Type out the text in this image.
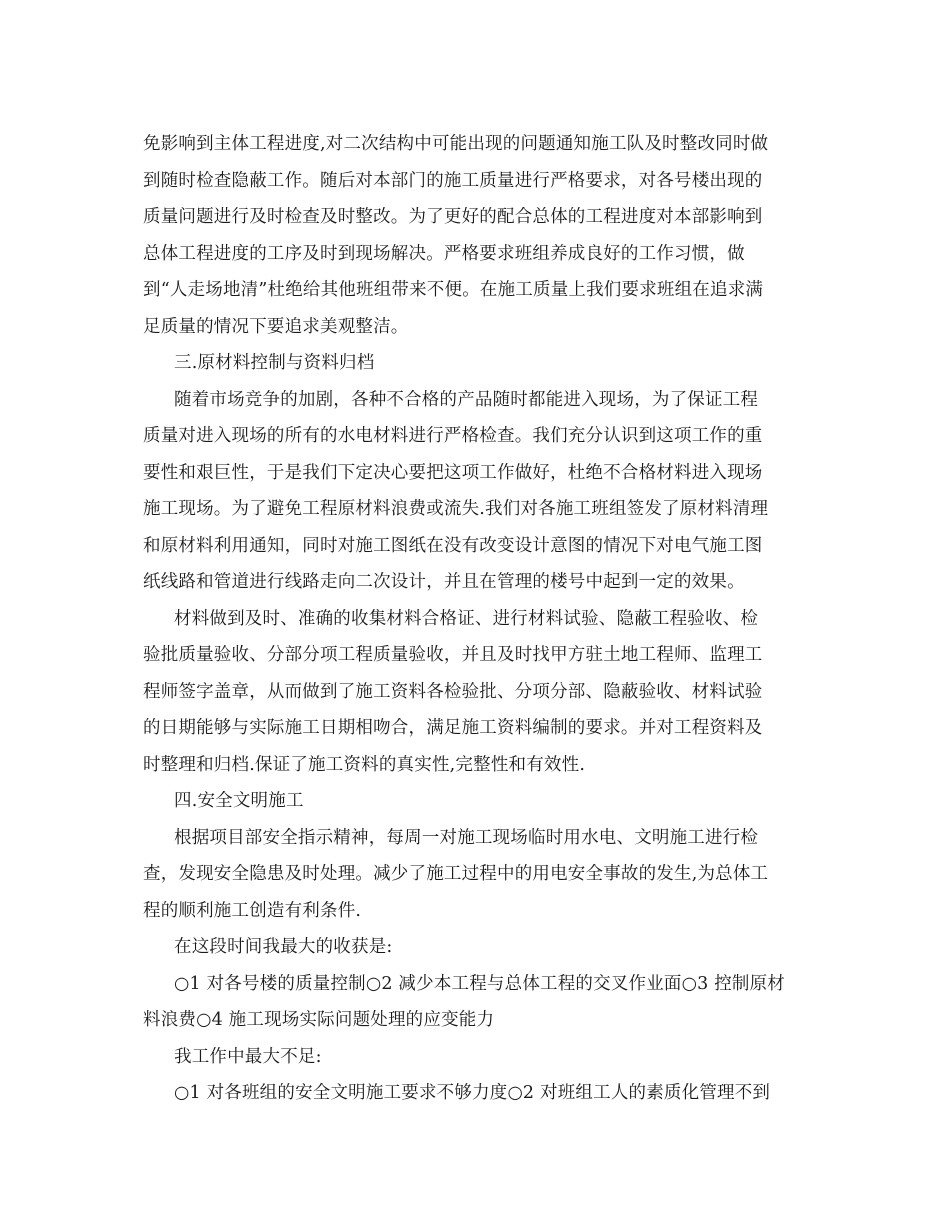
免影响到主体工程进度,对二次结构中可能出现的问题通知施工队及时整改同时做
到随时检查隐蔽工作。随后对本部门的施工质量进行严格要求，对各号楼出现的
质量问题进行及时检查及时整改。为了更好的配合总体的工程进度对本部影响到
总体工程进度的工序及时到现场解决。严格要求班组养成良好的工作习惯，做
到“人走场地清”杜绝给其他班组带来不便。在施工质量上我们要求班组在追求满
足质量的情况下要追求美观整洁。
三.原材料控制与资料归档
随着市场竞争的加剧，各种不合格的产品随时都能进入现场，为了保证工程
质量对进入现场的所有的水电材料进行严格检查。我们充分认识到这项工作的重
要性和艰巨性，于是我们下定决心要把这项工作做好，杜绝不合格材料进入现场
施工现场。为了避免工程原材料浪费或流失.我们对各施工班组签发了原材料清理
和原材料利用通知，同时对施工图纸在没有改变设计意图的情况下对电气施工图
纸线路和管道进行线路走向二次设计，并且在管理的楼号中起到一定的效果。
材料做到及时、准确的收集材料合格证、进行材料试验、隐蔽工程验收、检
验批质量验收、分部分项工程质量验收，并且及时找甲方驻土地工程师、监理工
程师签字盖章，从而做到了施工资料各检验批、分项分部、隐蔽验收、材料试验
的日期能够与实际施工日期相吻合，满足施工资料编制的要求。并对工程资料及
时整理和归档.保证了施工资料的真实性,完整性和有效性.
四.安全文明施工
根据项目部安全指示精神，每周一对施工现场临时用水电、文明施工进行检
查，发现安全隐患及时处理。减少了施工过程中的用电安全事故的发生,为总体工
程的顺利施工创造有利条件.
在这段时间我最大的收获是:
○1 对各号楼的质量控制○2 减少本工程与总体工程的交叉作业面○3 控制原材
料浪费○4 施工现场实际问题处理的应变能力
我工作中最大不足:
○1 对各班组的安全文明施工要求不够力度○2 对班组工人的素质化管理不到
